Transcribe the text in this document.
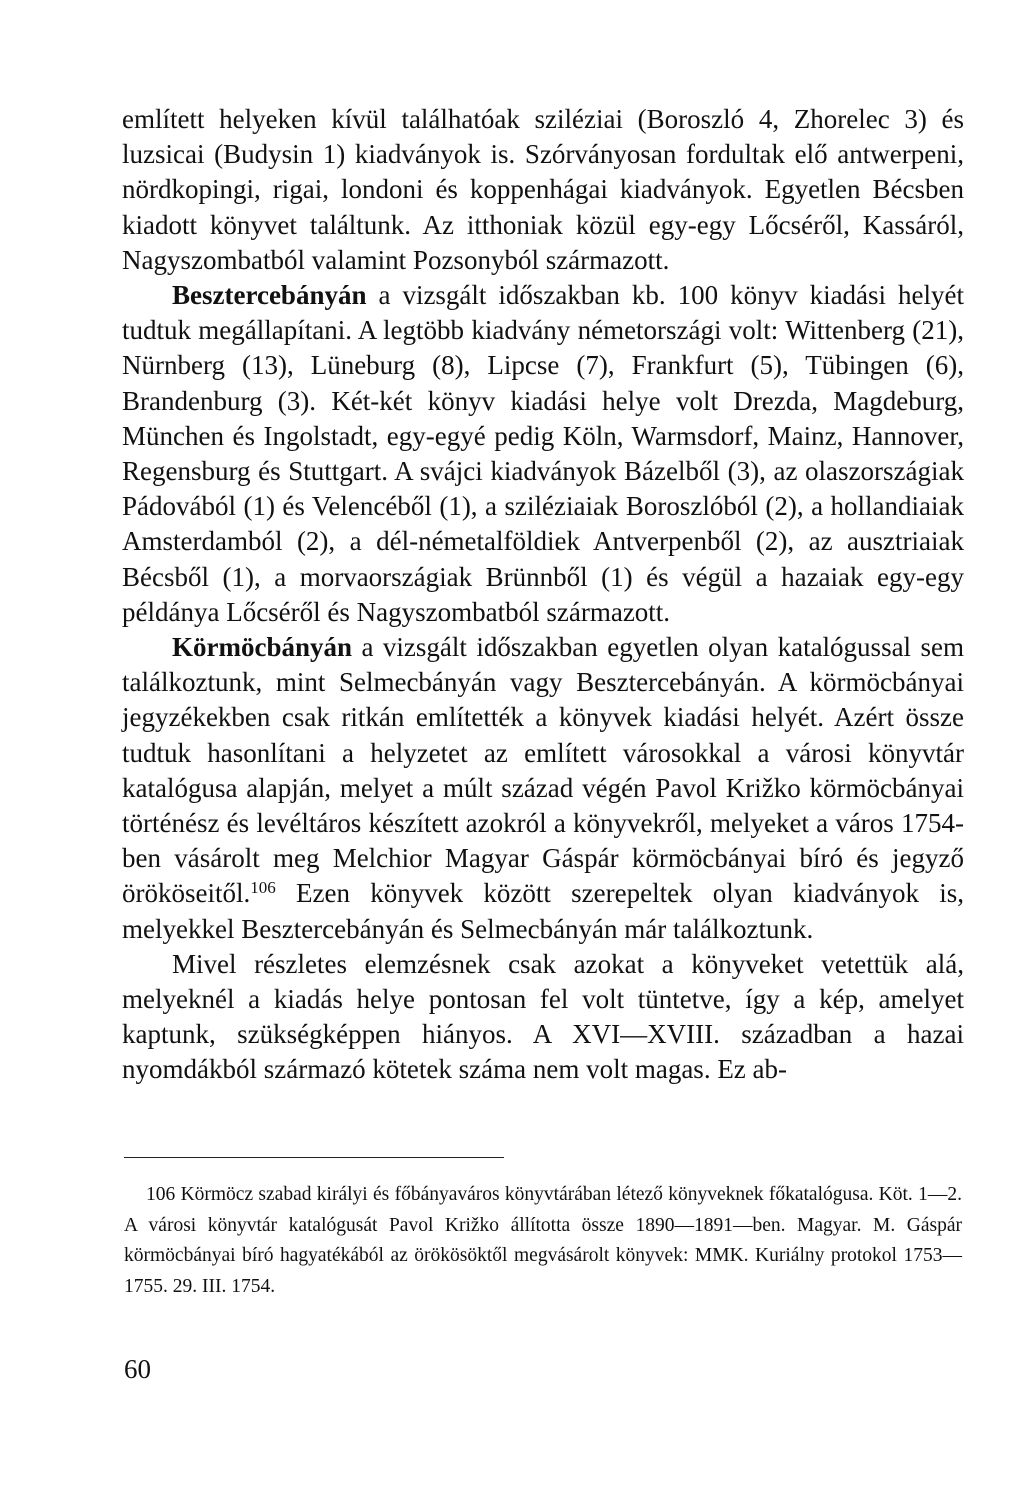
említett helyeken kívül találhatóak sziléziai (Boroszló 4, Zhorelec 3) és luzsicai (Budysin 1) kiadványok is. Szórványosan fordultak elő antwerpeni, nördkopingi, rigai, londoni és koppenhágai kiadványok. Egyetlen Bécsben kiadott könyvet találtunk. Az itthoniak közül egy-egy Lőcséről, Kassáról, Nagyszombatból valamint Pozsonyból származott.

Besztercebányán a vizsgált időszakban kb. 100 könyv kiadási helyét tudtuk megállapítani. A legtöbb kiadvány németországi volt: Wittenberg (21), Nürnberg (13), Lüneburg (8), Lipcse (7), Frankfurt (5), Tübingen (6), Brandenburg (3). Két-két könyv kiadási helye volt Drezda, Magdeburg, München és Ingolstadt, egy-egyé pedig Köln, Warmsdorf, Mainz, Hannover, Regensburg és Stuttgart. A svájci kiadványok Bázelből (3), az olaszországiak Pádovából (1) és Velencéből (1), a sziléziaiak Boroszlóból (2), a hollandiaiak Amsterdamból (2), a dél-németalföldiek Antverpenből (2), az ausztriaiak Bécsből (1), a morvaországiak Brünnből (1) és végül a hazaiak egy-egy példánya Lőcséről és Nagyszombatból származott.

Körmöcbányán a vizsgált időszakban egyetlen olyan katalógussal sem találkoztunk, mint Selmecbányán vagy Besztercebányán. A körmöcbányai jegyzékekben csak ritkán említették a könyvek kiadási helyét. Azért össze tudtuk hasonlítani a helyzetet az említett városokkal a városi könyvtár katalógusa alapján, melyet a múlt század végén Pavol Križko körmöcbányai történész és levéltáros készített azokról a könyvekről, melyeket a város 1754-ben vásárolt meg Melchior Magyar Gáspár körmöcbányai bíró és jegyző örököseitől.$^{106}$ Ezen könyvek között szerepeltek olyan kiadványok is, melyekkel Besztercebányán és Selmecbányán már találkoztunk.

Mivel részletes elemzésnek csak azokat a könyveket vetettük alá, melyeknél a kiadás helye pontosan fel volt tüntetve, így a kép, amelyet kaptunk, szükségképpen hiányos. A XVI—XVIII. században a hazai nyomdákból származó kötetek száma nem volt magas. Ez ab-

106 Körmöcz szabad királyi és főbányaváros könyvtárában létező könyveknek főkatalógusa. Köt. 1—2. A városi könyvtár katalógusát Pavol Križko állította össze 1890—1891—ben. Magyar. M. Gáspár körmöcbányai bíró hagyatékából az örökösöktől megvásárolt könyvek: MMK. Kuriálny protokol 1753—1755. 29. III. 1754.

60
